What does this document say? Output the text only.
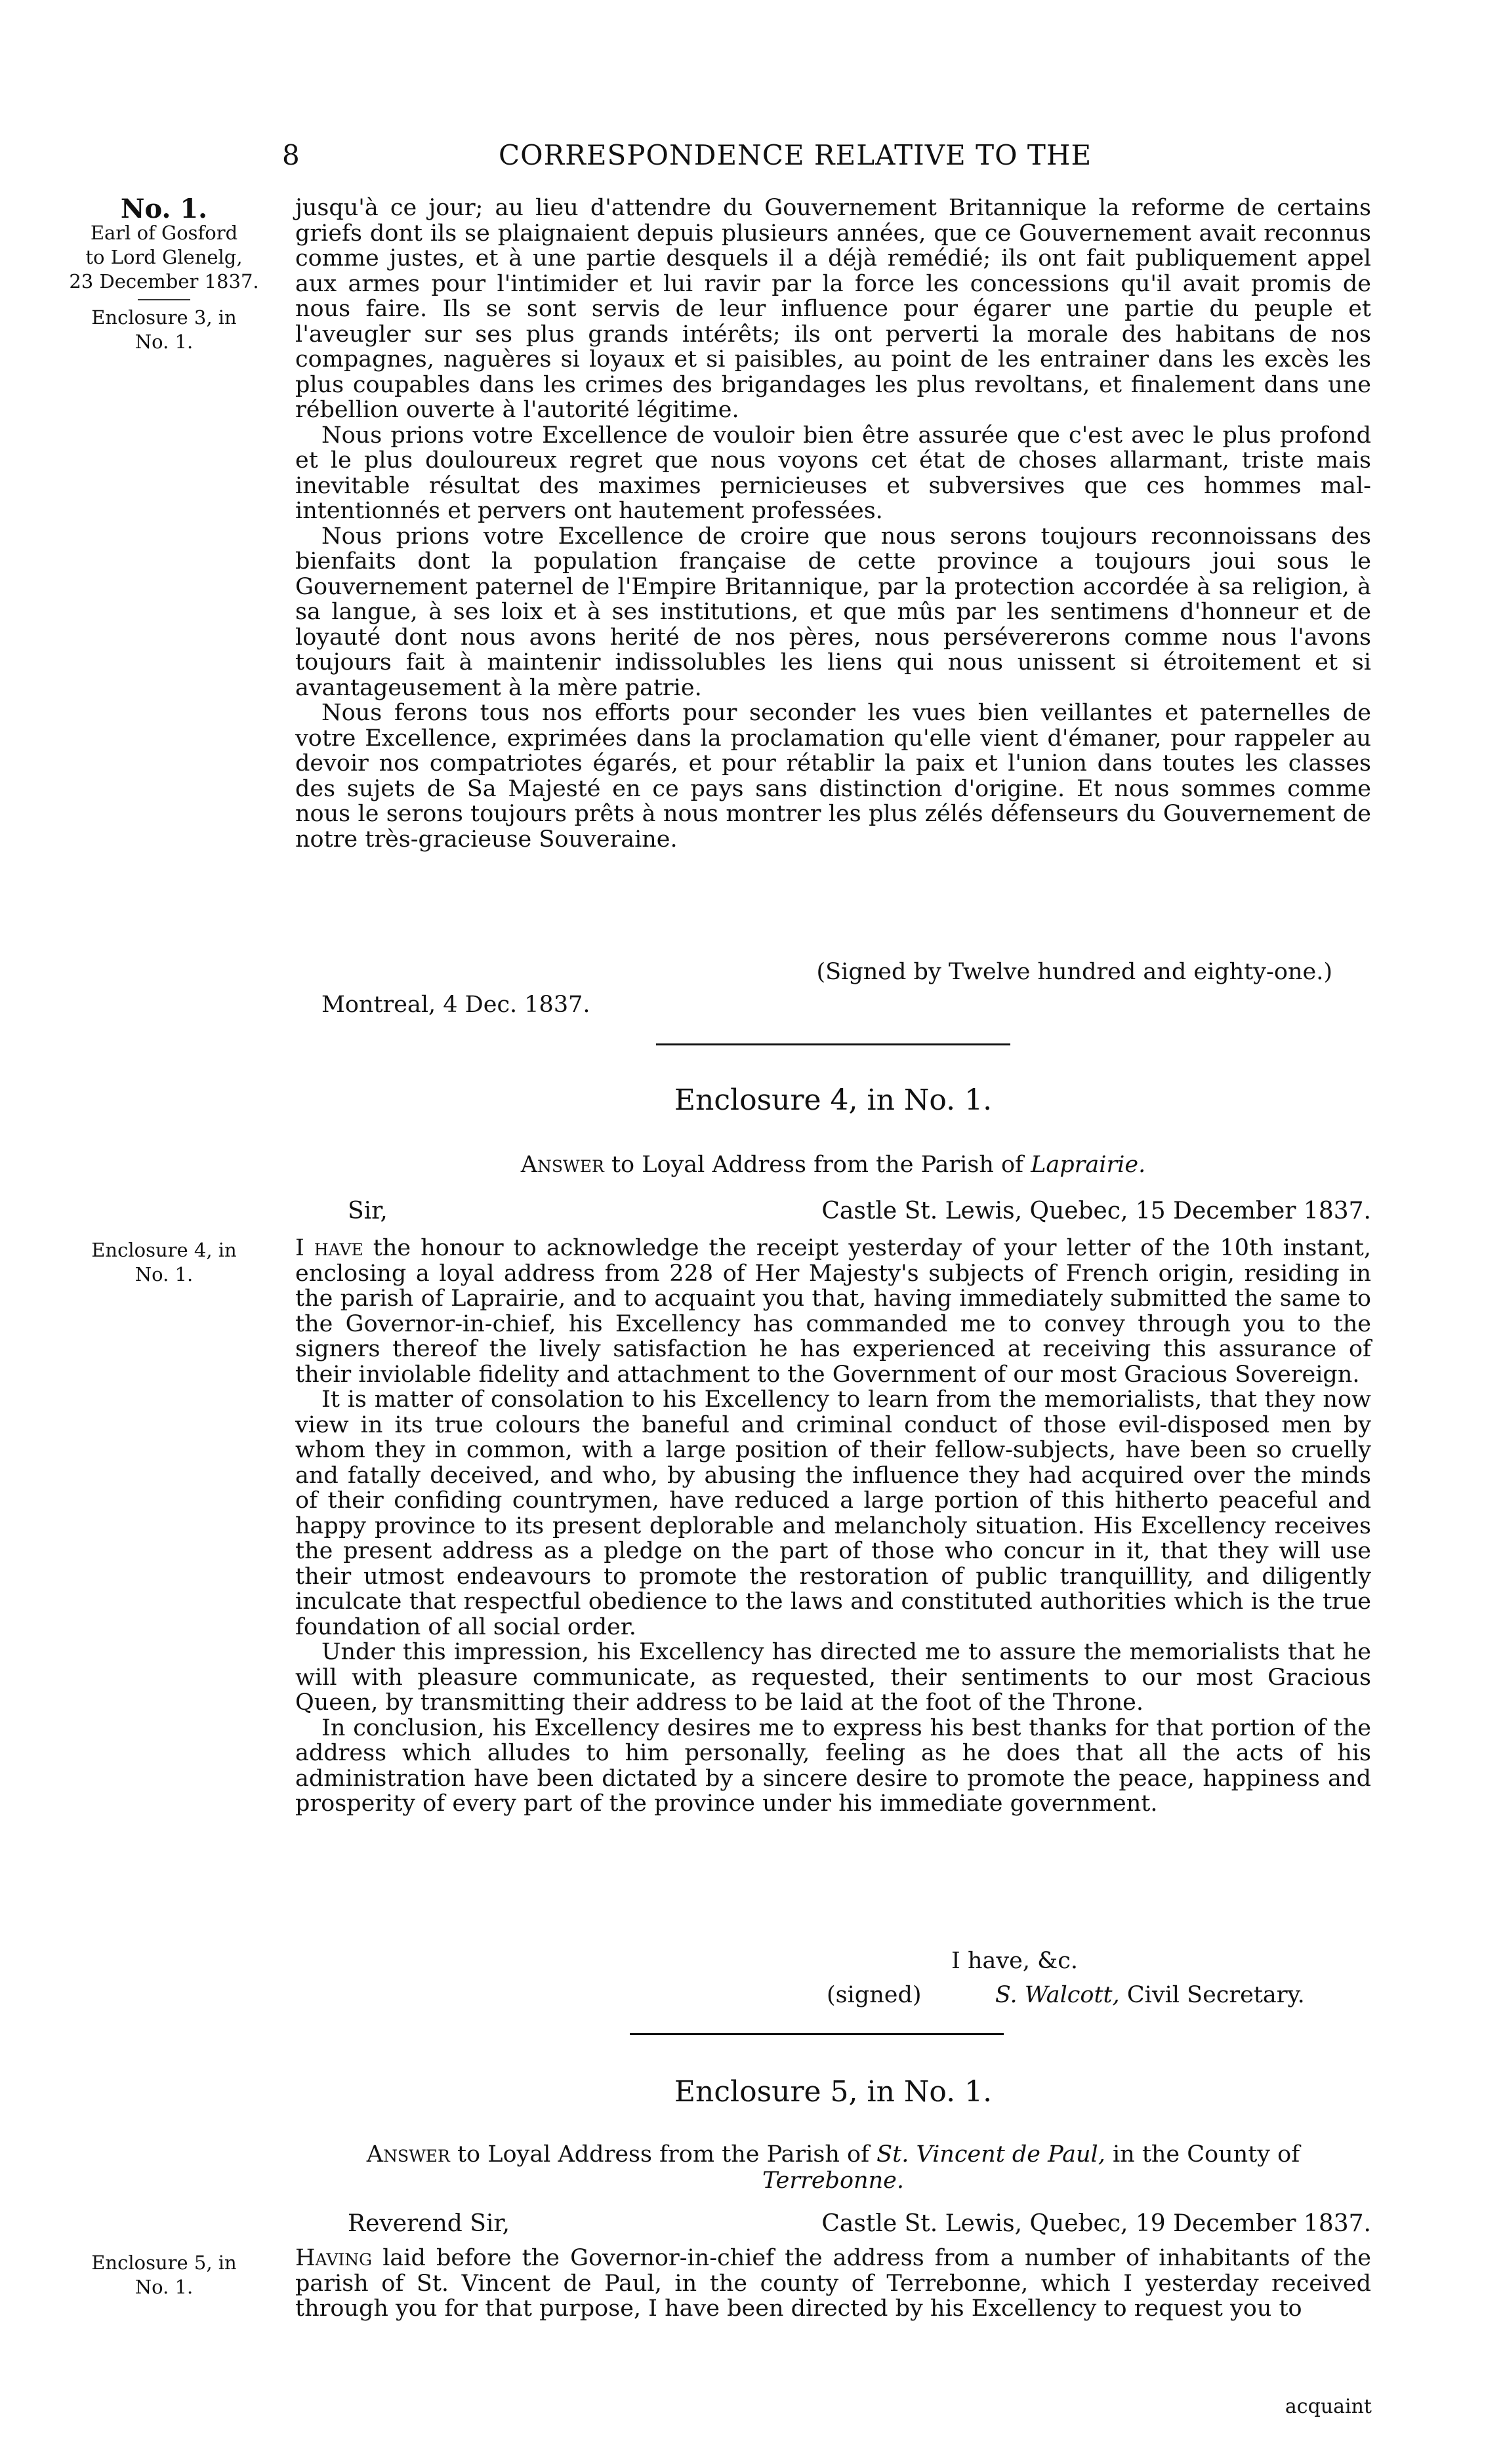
8	CORRESPONDENCE RELATIVE TO THE
No. 1.
Earl of Gosford
to Lord Glenelg,
23 December 1837.
Enclosure 3, in
No. 1.

jusqu'à ce jour; au lieu d'attendre du Gouvernement Britannique la reforme de certains griefs dont ils se plaignaient depuis plusieurs années, que ce Gouvernement avait reconnus comme justes, et à une partie desquels il a déjà remédié; ils ont fait publiquement appel aux armes pour l'intimider et lui ravir par la force les concessions qu'il avait promis de nous faire. Ils se sont servis de leur influence pour égarer une partie du peuple et l'aveugler sur ses plus grands intérêts; ils ont perverti la morale des habitans de nos compagnes, naguères si loyaux et si paisibles, au point de les entrainer dans les excès les plus coupables dans les crimes des brigandages les plus revoltans, et finalement dans une rébellion ouverte à l'autorité légitime.

Nous prions votre Excellence de vouloir bien être assurée que c'est avec le plus profond et le plus douloureux regret que nous voyons cet état de choses allarmant, triste mais inevitable résultat des maximes pernicieuses et subversives que ces hommes mal-intentionnés et pervers ont hautement professées.

Nous prions votre Excellence de croire que nous serons toujours reconnoissans des bienfaits dont la population française de cette province a toujours joui sous le Gouvernement paternel de l'Empire Britannique, par la protection accordée à sa religion, à sa langue, à ses loix et à ses institutions, et que mûs par les sentimens d'honneur et de loyauté dont nous avons herité de nos pères, nous persévererons comme nous l'avons toujours fait à maintenir indissolubles les liens qui nous unissent si étroitement et si avantageusement à la mère patrie.

Nous ferons tous nos efforts pour seconder les vues bien veillantes et paternelles de votre Excellence, exprimées dans la proclamation qu'elle vient d'émaner, pour rappeler au devoir nos compatriotes égarés, et pour rétablir la paix et l'union dans toutes les classes des sujets de Sa Majesté en ce pays sans distinction d'origine. Et nous sommes comme nous le serons toujours prêts à nous montrer les plus zélés défenseurs du Gouvernement de notre très-gracieuse Souveraine.

(Signed by Twelve hundred and eighty-one.)
Montreal, 4 Dec. 1837.
Enclosure 4, in No. 1.
Answer to Loyal Address from the Parish of Laprairie.
Sir,	Castle St. Lewis, Quebec, 15 December 1837.
Enclosure 4, in
No. 1.

I have the honour to acknowledge the receipt yesterday of your letter of the 10th instant, enclosing a loyal address from 228 of Her Majesty's subjects of French origin, residing in the parish of Laprairie, and to acquaint you that, having immediately submitted the same to the Governor-in-chief, his Excellency has commanded me to convey through you to the signers thereof the lively satisfaction he has experienced at receiving this assurance of their inviolable fidelity and attachment to the Government of our most Gracious Sovereign.

It is matter of consolation to his Excellency to learn from the memorialists, that they now view in its true colours the baneful and criminal conduct of those evil-disposed men by whom they in common, with a large position of their fellow-subjects, have been so cruelly and fatally deceived, and who, by abusing the influence they had acquired over the minds of their confiding countrymen, have reduced a large portion of this hitherto peaceful and happy province to its present deplorable and melancholy situation. His Excellency receives the present address as a pledge on the part of those who concur in it, that they will use their utmost endeavours to promote the restoration of public tranquillity, and diligently inculcate that respectful obedience to the laws and constituted authorities which is the true foundation of all social order.

Under this impression, his Excellency has directed me to assure the memorialists that he will with pleasure communicate, as requested, their sentiments to our most Gracious Queen, by transmitting their address to be laid at the foot of the Throne.

In conclusion, his Excellency desires me to express his best thanks for that portion of the address which alludes to him personally, feeling as he does that all the acts of his administration have been dictated by a sincere desire to promote the peace, happiness and prosperity of every part of the province under his immediate government.

I have, &c.
(signed)	S. Walcott, Civil Secretary.
Enclosure 5, in No. 1.
Answer to Loyal Address from the Parish of St. Vincent de Paul, in the County of
Terrebonne.
Reverend Sir,	Castle St. Lewis, Quebec, 19 December 1837.
Enclosure 5, in
No. 1.

Having laid before the Governor-in-chief the address from a number of inhabitants of the parish of St. Vincent de Paul, in the county of Terrebonne, which I yesterday received through you for that purpose, I have been directed by his Excellency to request you to

acquaint
